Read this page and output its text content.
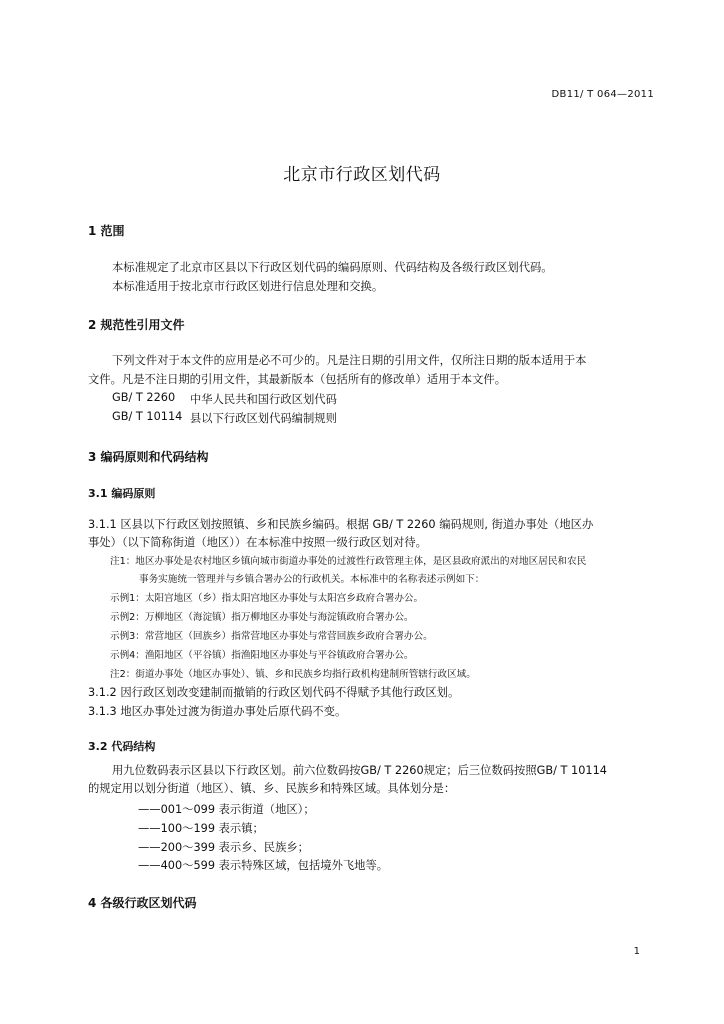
DB11/ T 064—2011
北京市行政区划代码
1 范围
本标准规定了北京市区县以下行政区划代码的编码原则、代码结构及各级行政区划代码。
本标准适用于按北京市行政区划进行信息处理和交换。
2 规范性引用文件
下列文件对于本文件的应用是必不可少的。凡是注日期的引用文件，仅所注日期的版本适用于本
文件。凡是不注日期的引用文件，其最新版本（包括所有的修改单）适用于本文件。
GB/ T 2260 中华人民共和国行政区划代码
GB/ T 10114 县以下行政区划代码编制规则
3 编码原则和代码结构
3.1 编码原则
3.1.1 区县以下行政区划按照镇、乡和民族乡编码。根据 GB/ T 2260 编码规则, 街道办事处（地区办
事处）（以下简称街道（地区））在本标准中按照一级行政区划对待。
注1：地区办事处是农村地区乡镇向城市街道办事处的过渡性行政管理主体，是区县政府派出的对地区居民和农民
事务实施统一管理并与乡镇合署办公的行政机关。本标准中的名称表述示例如下：
示例1：太阳宫地区（乡）指太阳宫地区办事处与太阳宫乡政府合署办公。
示例2：万柳地区（海淀镇）指万柳地区办事处与海淀镇政府合署办公。
示例3：常营地区（回族乡）指常营地区办事处与常营回族乡政府合署办公。
示例4：渔阳地区（平谷镇）指渔阳地区办事处与平谷镇政府合署办公。
注2：街道办事处（地区办事处）、镇、乡和民族乡均指行政机构建制所管辖行政区域。
3.1.2 因行政区划改变建制而撤销的行政区划代码不得赋予其他行政区划。
3.1.3 地区办事处过渡为街道办事处后原代码不变。
3.2 代码结构
用九位数码表示区县以下行政区划。前六位数码按GB/ T 2260规定；后三位数码按照GB/ T 10114
的规定用以划分街道（地区）、镇、乡、民族乡和特殊区域。具体划分是：
——001～099 表示街道（地区）；
——100～199 表示镇；
——200～399 表示乡、民族乡；
——400～599 表示特殊区域，包括境外飞地等。
4 各级行政区划代码
1
